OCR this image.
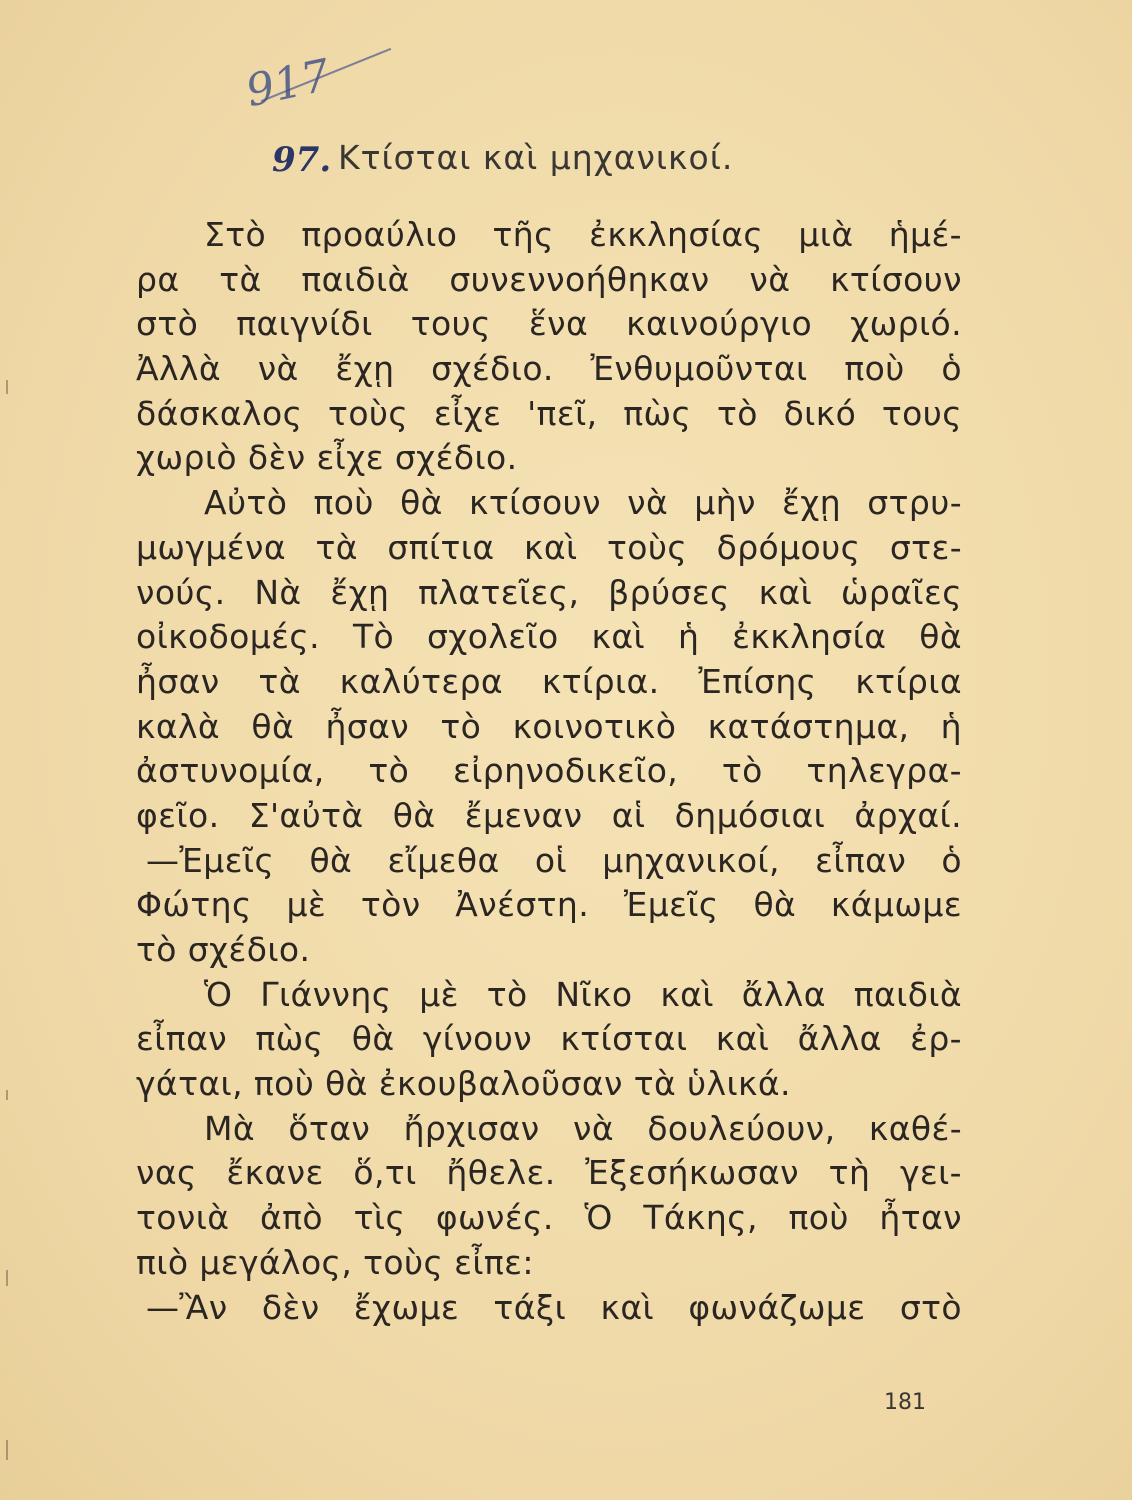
917
97. Κτίσται καὶ μηχανικοί.
Στὸ προαύλιο τῆς ἐκκλησίας μιὰ ἡμέ-
ρα τὰ παιδιὰ συνεννοήθηκαν νὰ κτίσουν
στὸ παιγνίδι τους ἕνα καινούργιο χωριό.
Ἀλλὰ νὰ ἔχῃ σχέδιο. Ἐνθυμοῦνται ποὺ ὁ
δάσκαλος τοὺς εἶχε 'πεῖ, πὼς τὸ δικό τους
χωριὸ δὲν εἶχε σχέδιο.
Αὐτὸ ποὺ θὰ κτίσουν νὰ μὴν ἔχῃ στρυ-
μωγμένα τὰ σπίτια καὶ τοὺς δρόμους στε-
νούς. Νὰ ἔχῃ πλατεῖες, βρύσες καὶ ὡραῖες
οἰκοδομές. Τὸ σχολεῖο καὶ ἡ ἐκκλησία θὰ
ἦσαν τὰ καλύτερα κτίρια. Ἐπίσης κτίρια
καλὰ θὰ ἦσαν τὸ κοινοτικὸ κατάστημα, ἡ
ἀστυνομία, τὸ εἰρηνοδικεῖο, τὸ τηλεγρα-
φεῖο. Σ'αὐτὰ θὰ ἔμεναν αἱ δημόσιαι ἀρχαί.
—Ἐμεῖς θὰ εἴμεθα οἱ μηχανικοί, εἶπαν ὁ
Φώτης μὲ τὸν Ἀνέστη. Ἐμεῖς θὰ κάμωμε
τὸ σχέδιο.
Ὁ Γιάννης μὲ τὸ Νῖκο καὶ ἄλλα παιδιὰ
εἶπαν πὼς θὰ γίνουν κτίσται καὶ ἄλλα ἐρ-
γάται, ποὺ θὰ ἐκουβαλοῦσαν τὰ ὑλικά.
Μὰ ὅταν ἤρχισαν νὰ δουλεύουν, καθέ-
νας ἔκανε ὅ,τι ἤθελε. Ἐξεσήκωσαν τὴ γει-
τονιὰ ἀπὸ τὶς φωνές. Ὁ Τάκης, ποὺ ἦταν
πιὸ μεγάλος, τοὺς εἶπε:
—Ἂν δὲν ἔχωμε τάξι καὶ φωνάζωμε στὸ
181
